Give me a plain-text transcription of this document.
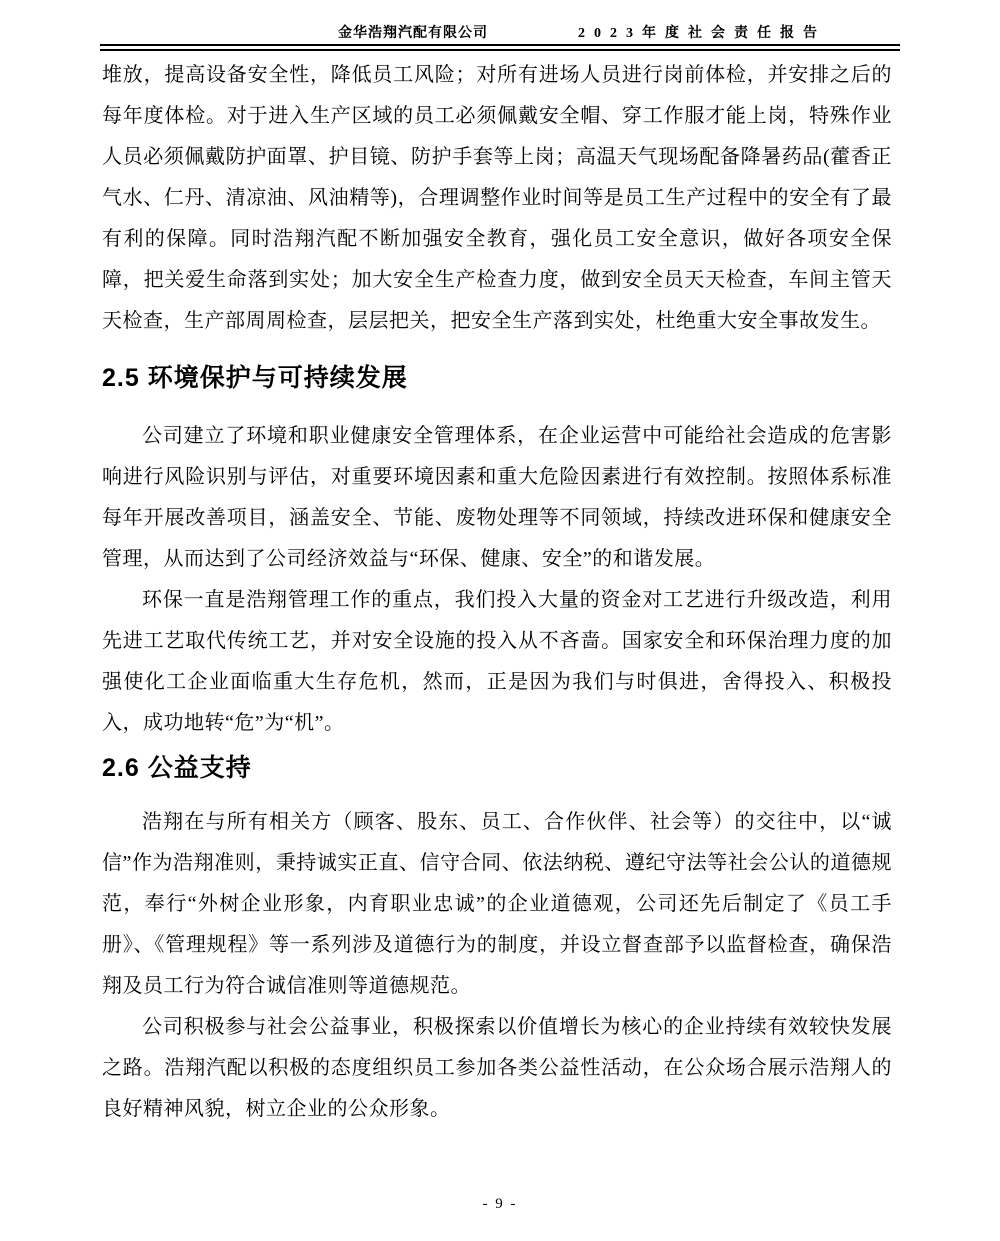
金华浩翔汽配有限公司	2023年度社会责任报告

堆放，提高设备安全性，降低员工风险；对所有进场人员进行岗前体检，并安排之后的每年度体检。对于进入生产区域的员工必须佩戴安全帽、穿工作服才能上岗，特殊作业人员必须佩戴防护面罩、护目镜、防护手套等上岗；高温天气现场配备降暑药品(藿香正气水、仁丹、清凉油、风油精等)，合理调整作业时间等是员工生产过程中的安全有了最有利的保障。同时浩翔汽配不断加强安全教育，强化员工安全意识，做好各项安全保障，把关爱生命落到实处；加大安全生产检查力度，做到安全员天天检查，车间主管天天检查，生产部周周检查，层层把关，把安全生产落到实处，杜绝重大安全事故发生。

2.5 环境保护与可持续发展

公司建立了环境和职业健康安全管理体系，在企业运营中可能给社会造成的危害影响进行风险识别与评估，对重要环境因素和重大危险因素进行有效控制。按照体系标准每年开展改善项目，涵盖安全、节能、废物处理等不同领域，持续改进环保和健康安全管理，从而达到了公司经济效益与“环保、健康、安全”的和谐发展。

环保一直是浩翔管理工作的重点，我们投入大量的资金对工艺进行升级改造，利用先进工艺取代传统工艺，并对安全设施的投入从不吝啬。国家安全和环保治理力度的加强使化工企业面临重大生存危机，然而，正是因为我们与时俱进，舍得投入、积极投入，成功地转“危”为“机”。

2.6 公益支持

浩翔在与所有相关方（顾客、股东、员工、合作伙伴、社会等）的交往中，以“诚信”作为浩翔准则，秉持诚实正直、信守合同、依法纳税、遵纪守法等社会公认的道德规范，奉行“外树企业形象，内育职业忠诚”的企业道德观，公司还先后制定了《员工手册》、《管理规程》等一系列涉及道德行为的制度，并设立督查部予以监督检查，确保浩翔及员工行为符合诚信准则等道德规范。

公司积极参与社会公益事业，积极探索以价值增长为核心的企业持续有效较快发展之路。浩翔汽配以积极的态度组织员工参加各类公益性活动，在公众场合展示浩翔人的良好精神风貌，树立企业的公众形象。

- 9 -
